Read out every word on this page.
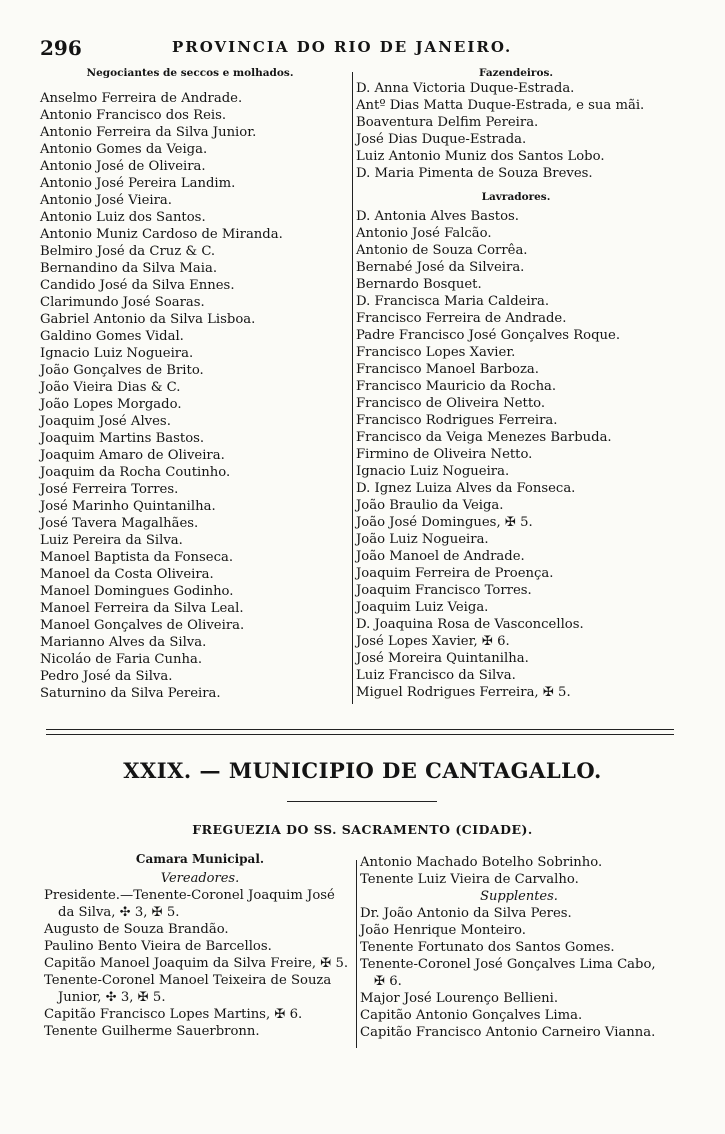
296	PROVINCIA DO RIO DE JANEIRO.
Negociantes de seccos e molhados.
Anselmo Ferreira de Andrade.
Antonio Francisco dos Reis.
Antonio Ferreira da Silva Junior.
Antonio Gomes da Veiga.
Antonio José de Oliveira.
Antonio José Pereira Landim.
Antonio José Vieira.
Antonio Luiz dos Santos.
Antonio Muniz Cardoso de Miranda.
Belmiro José da Cruz & C.
Bernandino da Silva Maia.
Candido José da Silva Ennes.
Clarimundo José Soaras.
Gabriel Antonio da Silva Lisboa.
Galdino Gomes Vidal.
Ignacio Luiz Nogueira.
João Gonçalves de Brito.
João Vieira Dias & C.
João Lopes Morgado.
Joaquim José Alves.
Joaquim Martins Bastos.
Joaquim Amaro de Oliveira.
Joaquim da Rocha Coutinho.
José Ferreira Torres.
José Marinho Quintanilha.
José Tavera Magalhães.
Luiz Pereira da Silva.
Manoel Baptista da Fonseca.
Manoel da Costa Oliveira.
Manoel Domingues Godinho.
Manoel Ferreira da Silva Leal.
Manoel Gonçalves de Oliveira.
Marianno Alves da Silva.
Nicoláo de Faria Cunha.
Pedro José da Silva.
Saturnino da Silva Pereira.
Fazendeiros.
D. Anna Victoria Duque-Estrada.
Antº Dias Matta Duque-Estrada, e sua mãi.
Boaventura Delfim Pereira.
José Dias Duque-Estrada.
Luiz Antonio Muniz dos Santos Lobo.
D. Maria Pimenta de Souza Breves.
Lavradores.
D. Antonia Alves Bastos.
Antonio José Falcão.
Antonio de Souza Corrêa.
Bernabé José da Silveira.
Bernardo Bosquet.
D. Francisca Maria Caldeira.
Francisco Ferreira de Andrade.
Padre Francisco José Gonçalves Roque.
Francisco Lopes Xavier.
Francisco Manoel Barboza.
Francisco Mauricio da Rocha.
Francisco de Oliveira Netto.
Francisco Rodrigues Ferreira.
Francisco da Veiga Menezes Barbuda.
Firmino de Oliveira Netto.
Ignacio Luiz Nogueira.
D. Ignez Luiza Alves da Fonseca.
João Braulio da Veiga.
João José Domingues, ✠ 5.
João Luiz Nogueira.
João Manoel de Andrade.
Joaquim Ferreira de Proença.
Joaquim Francisco Torres.
Joaquim Luiz Veiga.
D. Joaquina Rosa de Vasconcellos.
José Lopes Xavier, ✠ 6.
José Moreira Quintanilha.
Luiz Francisco da Silva.
Miguel Rodrigues Ferreira, ✠ 5.
XXIX. — MUNICIPIO DE CANTAGALLO.
FREGUEZIA DO SS. SACRAMENTO (CIDADE).
Camara Municipal.
Vereadores.
Presidente.—Tenente-Coronel Joaquim José
da Silva, ✣ 3, ✠ 5.
Augusto de Souza Brandão.
Paulino Bento Vieira de Barcellos.
Capitão Manoel Joaquim da Silva Freire, ✠ 5.
Tenente-Coronel Manoel Teixeira de Souza
Junior, ✣ 3, ✠ 5.
Capitão Francisco Lopes Martins, ✠ 6.
Tenente Guilherme Sauerbronn.
Antonio Machado Botelho Sobrinho.
Tenente Luiz Vieira de Carvalho.
Supplentes.
Dr. João Antonio da Silva Peres.
João Henrique Monteiro.
Tenente Fortunato dos Santos Gomes.
Tenente-Coronel José Gonçalves Lima Cabo,
✠ 6.
Major José Lourenço Bellieni.
Capitão Antonio Gonçalves Lima.
Capitão Francisco Antonio Carneiro Vianna.
